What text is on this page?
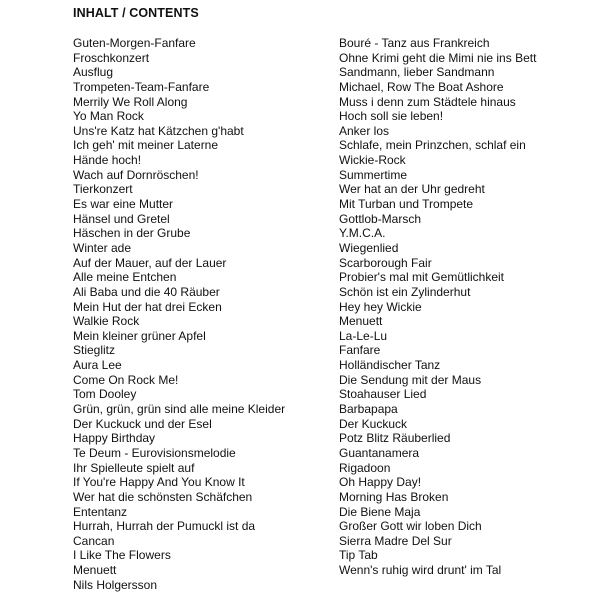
INHALT / CONTENTS
Guten-Morgen-Fanfare
Froschkonzert
Ausflug
Trompeten-Team-Fanfare
Merrily We Roll Along
Yo Man Rock
Uns're Katz hat Kätzchen g'habt
Ich geh' mit meiner Laterne
Hände hoch!
Wach auf Dornröschen!
Tierkonzert
Es war eine Mutter
Hänsel und Gretel
Häschen in der Grube
Winter ade
Auf der Mauer, auf der Lauer
Alle meine Entchen
Ali Baba und die 40 Räuber
Mein Hut der hat drei Ecken
Walkie Rock
Mein kleiner grüner Apfel
Stieglitz
Aura Lee
Come On Rock Me!
Tom Dooley
Grün, grün, grün sind alle meine Kleider
Der Kuckuck und der Esel
Happy Birthday
Te Deum - Eurovisionsmelodie
Ihr Spielleute spielt auf
If You're Happy And You Know It
Wer hat die schönsten Schäfchen
Ententanz
Hurrah, Hurrah der Pumuckl ist da
Cancan
I Like The Flowers
Menuett
Nils Holgersson
Bouré - Tanz aus Frankreich
Ohne Krimi geht die Mimi nie ins Bett
Sandmann, lieber Sandmann
Michael, Row The Boat Ashore
Muss i denn zum Städtele hinaus
Hoch soll sie leben!
Anker los
Schlafe, mein Prinzchen, schlaf ein
Wickie-Rock
Summertime
Wer hat an der Uhr gedreht
Mit Turban und Trompete
Gottlob-Marsch
Y.M.C.A.
Wiegenlied
Scarborough Fair
Probier's mal mit Gemütlichkeit
Schön ist ein Zylinderhut
Hey hey Wickie
Menuett
La-Le-Lu
Fanfare
Holländischer Tanz
Die Sendung mit der Maus
Stoahauser Lied
Barbapapa
Der Kuckuck
Potz Blitz Räuberlied
Guantanamera
Rigadoon
Oh Happy Day!
Morning Has Broken
Die Biene Maja
Großer Gott wir loben Dich
Sierra Madre Del Sur
Tip Tab
Wenn's ruhig wird drunt' im Tal
